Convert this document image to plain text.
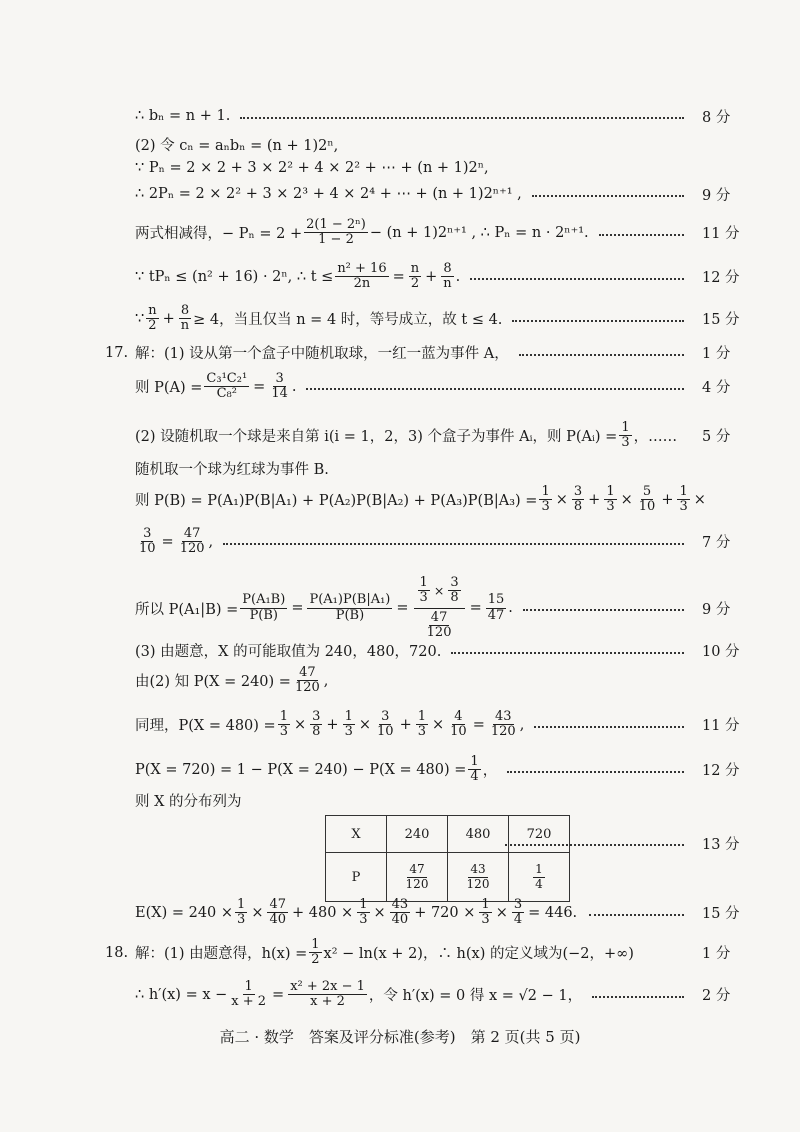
∴ bₙ = n + 1.	8 分
(2) 令 cₙ = aₙbₙ = (n + 1)2ⁿ,
∵ Pₙ = 2 × 2 + 3 × 2² + 4 × 2² + ⋯ + (n + 1)2ⁿ,
∴ 2Pₙ = 2 × 2² + 3 × 2³ + 4 × 2⁴ + ⋯ + (n + 1)2ⁿ⁺¹ ,	9 分
两式相减得，− $P_n = 2 + \frac{\text{2(1 − 2ⁿ)}}{1 - 2} - (n + 1)2^{n+1}$ , ∴ Pₙ = n · 2ⁿ⁺¹.	11 分
∵ tPₙ ≤ (n² + 16) · 2ⁿ, ∴ $t \le \frac{\text{n² + 16}}{2n} = \frac{n}{2} + \frac{8}{n}$ .	12 分
∵ $\frac{n}{2} + \frac{8}{n} \ge 4$，当且仅当 n = 4 时，等号成立，故 t ≤ 4.	15 分
17. 解：(1) 设从第一个盒子中随机取球，一红一蓝为事件 A，	1 分
则 $P(A) = \frac{\text{C₃¹C₂¹}}{\text{C₈²}} = \frac{3}{14}$ .	4 分
(2) 设随机取一个球是来自第 i(i = 1，2，3) 个盒子为事件 Aᵢ，则 P(Aᵢ) = $\frac{1}{3}$ ，…… 5 分
随机取一个球为红球为事件 B.
则 $P(B) = P(A_1)P(B|A_1) + P(A_2)P(B|A_2) + P(A_3)P(B|A_3) = \frac{1}{3} \times \frac{3}{8} + \frac{1}{3} \times \frac{5}{10} + \frac{1}{3}$ ×
$\frac{3}{10} = \frac{47}{120}$ ,	7 分
所以 $P(A_1|B) = \frac{\text{P(A₁B)}}{P(B)} = \frac{\text{P(A₁)P(B|A₁)}}{P(B)} = \frac{\frac{1}{3} \times \frac{3}{8}}{\frac{47}{120}} = \frac{15}{47}$ .	9 分
(3) 由题意，X 的可能取值为 240，480，720.	10 分
由(2) 知 $P(X = 240) = \frac{47}{120}$ ,
同理，$P(X = 480) = \frac{1}{3} \times \frac{3}{8} + \frac{1}{3} \times \frac{3}{10} + \frac{1}{3} \times \frac{4}{10} = \frac{43}{120}$ ,	11 分
$P(X = 720) = 1 - P(X = 240) - P(X = 480) = \frac{1}{4}$ ，	12 分
则 X 的分布列为
X	240	480	720
P	$\frac{47}{120}$	$\frac{43}{120}$	$\frac{1}{4}$
13 分
$E(X) = 240 \times \frac{1}{3} \times \frac{47}{40} + 480 \times \frac{1}{3} \times \frac{43}{40} + 720 \times \frac{1}{3} \times \frac{3}{4} = 446$.	15 分
18. 解：(1) 由题意得，$h(x) = \frac{1}{2} x^2 - \ln(x + 2)$，∴ h(x) 的定义域为(−2，+∞)	1 分
∴ $h'(x) = x - \frac{1}{x + 2} = \frac{\text{x² + 2x − 1}}{x + 2}$ ，令 h′(x) = 0 得 x = √2 − 1，	2 分
高二 · 数学　答案及评分标准(参考)　第 2 页(共 5 页)
